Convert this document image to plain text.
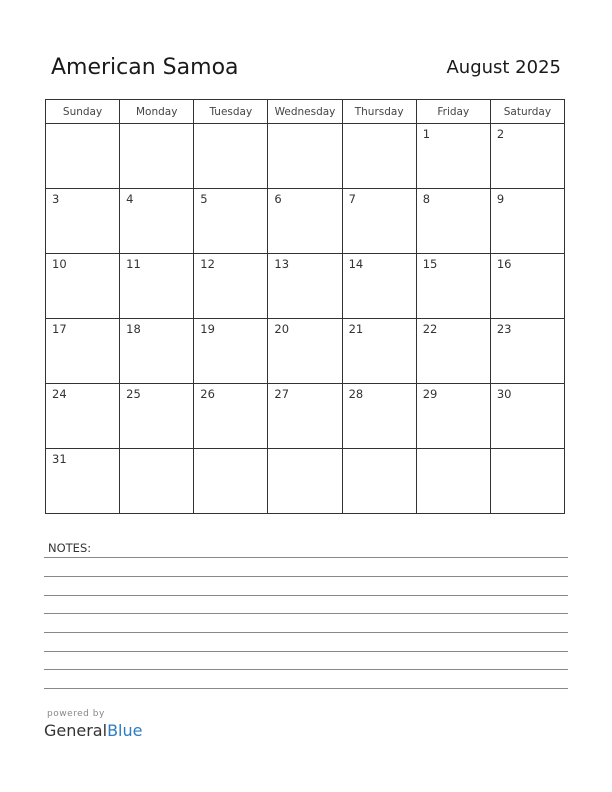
American Samoa	August 2025
Sunday	Monday	Tuesday	Wednesday	Thursday	Friday	Saturday

					1	2

3	4	5	6	7	8	9

10	11	12	13	14	15	16

17	18	19	20	21	22	23

24	25	26	27	28	29	30

31						

NOTES:
powered by
GeneralBlue
